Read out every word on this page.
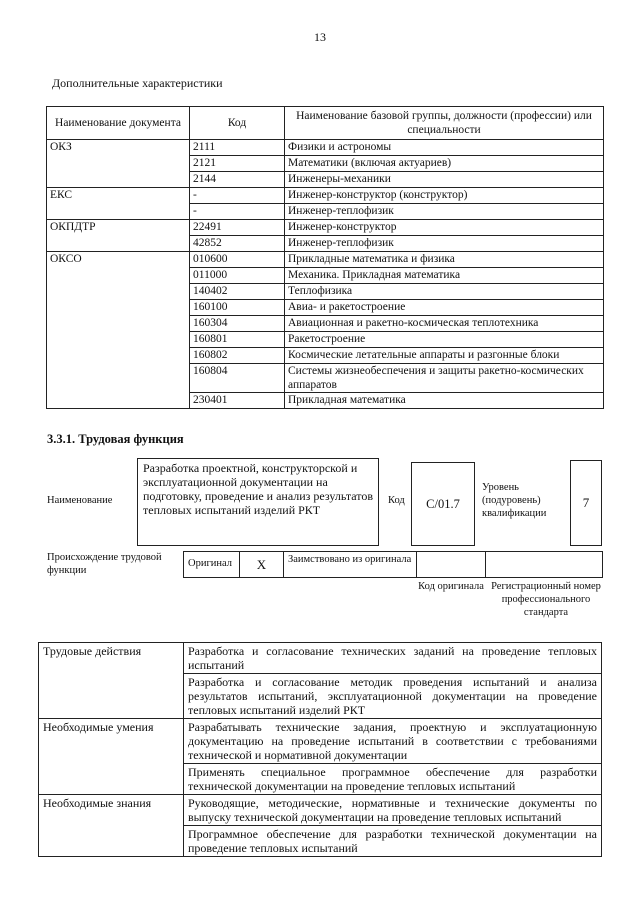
13
Дополнительные характеристики
Наименование документа	Код	Наименование базовой группы, должности (профессии) или специальности
ОКЗ	2111	Физики и астрономы
	2121	Математики (включая актуариев)
	2144	Инженеры-механики
ЕКС	-	Инженер-конструктор (конструктор)
	-	Инженер-теплофизик
ОКПДТР	22491	Инженер-конструктор
	42852	Инженер-теплофизик
ОКСО	010600	Прикладные математика и физика
	011000	Механика. Прикладная математика
	140402	Теплофизика
	160100	Авиа- и ракетостроение
	160304	Авиационная и ракетно-космическая теплотехника
	160801	Ракетостроение
	160802	Космические летательные аппараты и разгонные блоки
	160804	Системы жизнеобеспечения и защиты ракетно-космических аппаратов
	230401	Прикладная математика
3.3.1. Трудовая функция
Наименование
Разработка проектной, конструкторской и эксплуатационной документации на подготовку, проведение и анализ результатов тепловых испытаний изделий РКТ
Код	С/01.7
Уровень (подуровень) квалификации
7
Происхождение трудовой функции
Оригинал	X	Заимствовано из оригинала
Код оригинала Регистрационный номер профессионального стандарта
Трудовые действия	Разработка и согласование технических заданий на проведение тепловых испытаний
	Разработка и согласование методик проведения испытаний и анализа результатов испытаний, эксплуатационной документации на проведение тепловых испытаний изделий РКТ
Необходимые умения	Разрабатывать технические задания, проектную и эксплуатационную документацию на проведение испытаний в соответствии с требованиями технической и нормативной документации
	Применять специальное программное обеспечение для разработки технической документации на проведение тепловых испытаний
Необходимые знания	Руководящие, методические, нормативные и технические документы по выпуску технической документации на проведение тепловых испытаний
	Программное обеспечение для разработки технической документации на проведение тепловых испытаний
